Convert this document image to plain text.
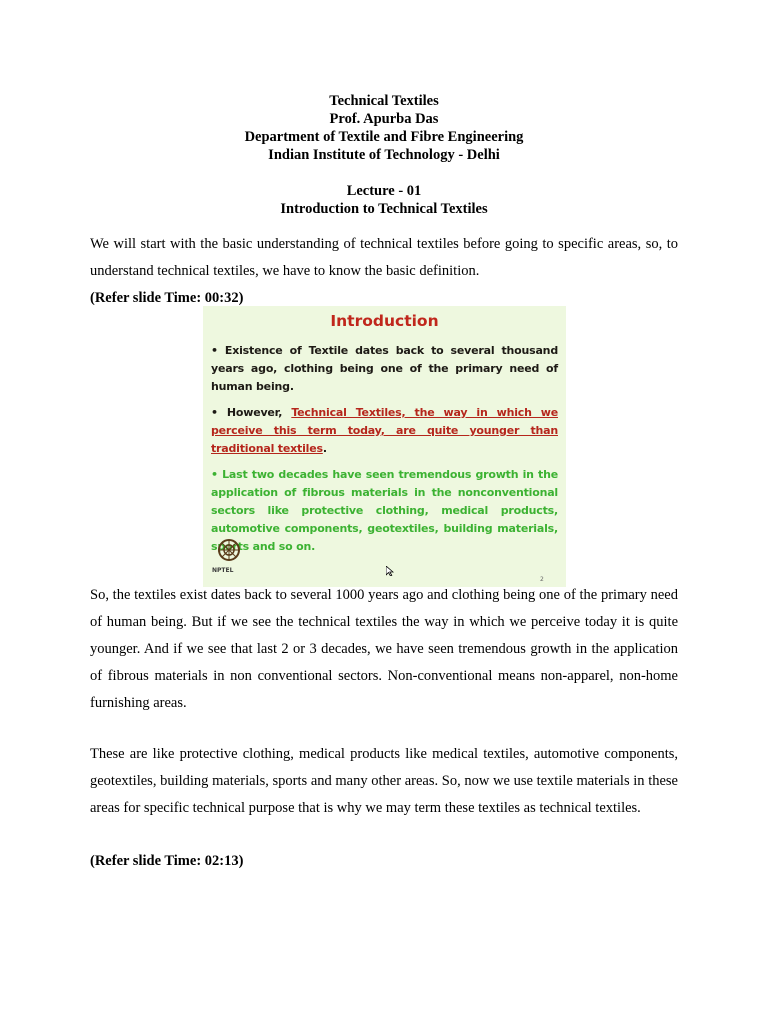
Technical Textiles
Prof. Apurba Das
Department of Textile and Fibre Engineering
Indian Institute of Technology - Delhi
Lecture - 01
Introduction to Technical Textiles

We will start with the basic understanding of technical textiles before going to specific areas, so, to understand technical textiles, we have to know the basic definition.

(Refer slide Time: 00:32)
Introduction
• Existence of Textile dates back to several thousand years ago, clothing being one of the primary need of human being.
• However, Technical Textiles, the way in which we perceive this term today, are quite younger than traditional textiles.
• Last two decades have seen tremendous growth in the application of fibrous materials in the nonconventional sectors like protective clothing, medical products, automotive components, geotextiles, building materials, sports and so on.
NPTEL
2

So, the textiles exist dates back to several 1000 years ago and clothing being one of the primary need of human being. But if we see the technical textiles the way in which we perceive today it is quite younger. And if we see that last 2 or 3 decades, we have seen tremendous growth in the application of fibrous materials in non conventional sectors. Non-conventional means non-apparel, non-home furnishing areas.

These are like protective clothing, medical products like medical textiles, automotive components, geotextiles, building materials, sports and many other areas. So, now we use textile materials in these areas for specific technical purpose that is why we may term these textiles as technical textiles.

(Refer slide Time: 02:13)
